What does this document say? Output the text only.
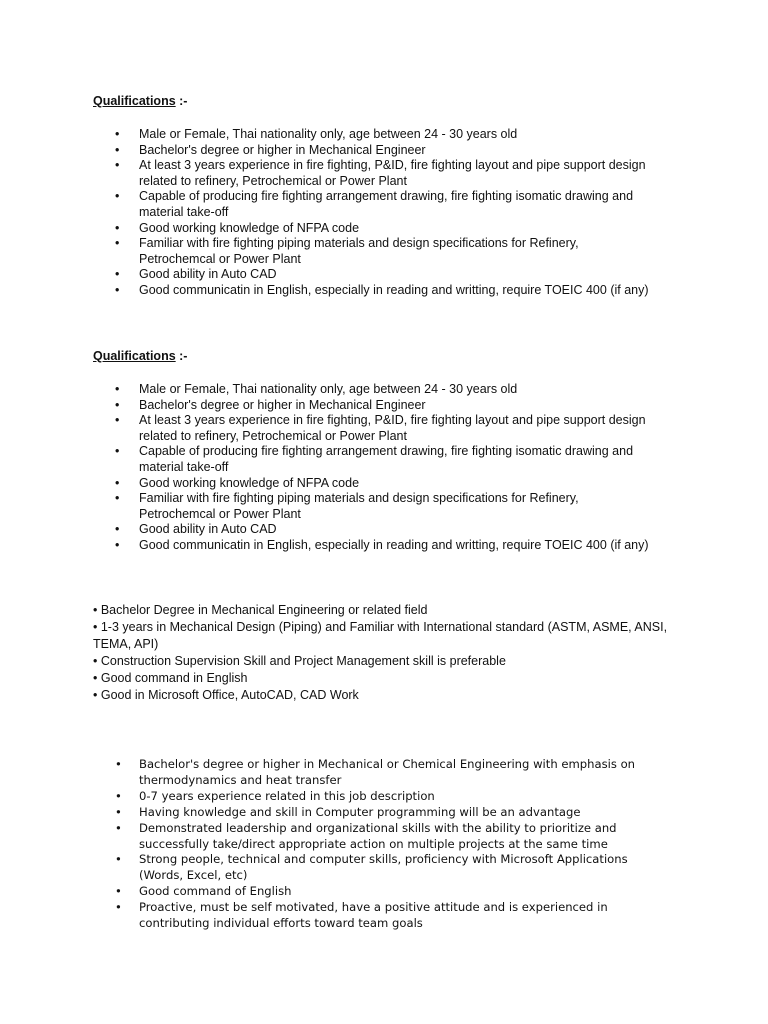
Qualifications :-
• Male or Female, Thai nationality only, age between 24 - 30 years old
• Bachelor's degree or higher in Mechanical Engineer
• At least 3 years experience in fire fighting, P&ID, fire fighting layout and pipe support design related to refinery, Petrochemical or Power Plant
• Capable of producing fire fighting arrangement drawing, fire fighting isomatic drawing and material take-off
• Good working knowledge of NFPA code
• Familiar with fire fighting piping materials and design specifications for Refinery, Petrochemcal or Power Plant
• Good ability in Auto CAD
• Good communicatin in English, especially in reading and writting, require TOEIC 400 (if any)
Qualifications :-
• Male or Female, Thai nationality only, age between 24 - 30 years old
• Bachelor's degree or higher in Mechanical Engineer
• At least 3 years experience in fire fighting, P&ID, fire fighting layout and pipe support design related to refinery, Petrochemical or Power Plant
• Capable of producing fire fighting arrangement drawing, fire fighting isomatic drawing and material take-off
• Good working knowledge of NFPA code
• Familiar with fire fighting piping materials and design specifications for Refinery, Petrochemcal or Power Plant
• Good ability in Auto CAD
• Good communicatin in English, especially in reading and writting, require TOEIC 400 (if any)
• Bachelor Degree in Mechanical Engineering or related field
• 1-3 years in Mechanical Design (Piping) and Familiar with International standard (ASTM, ASME, ANSI, TEMA, API)
• Construction Supervision Skill and Project Management skill is preferable
• Good command in English
• Good in Microsoft Office, AutoCAD, CAD Work
• Bachelor's degree or higher in Mechanical or Chemical Engineering with emphasis on thermodynamics and heat transfer
• 0-7 years experience related in this job description
• Having knowledge and skill in Computer programming will be an advantage
• Demonstrated leadership and organizational skills with the ability to prioritize and successfully take/direct appropriate action on multiple projects at the same time
• Strong people, technical and computer skills, proficiency with Microsoft Applications (Words, Excel, etc)
• Good command of English
• Proactive, must be self motivated, have a positive attitude and is experienced in contributing individual efforts toward team goals
